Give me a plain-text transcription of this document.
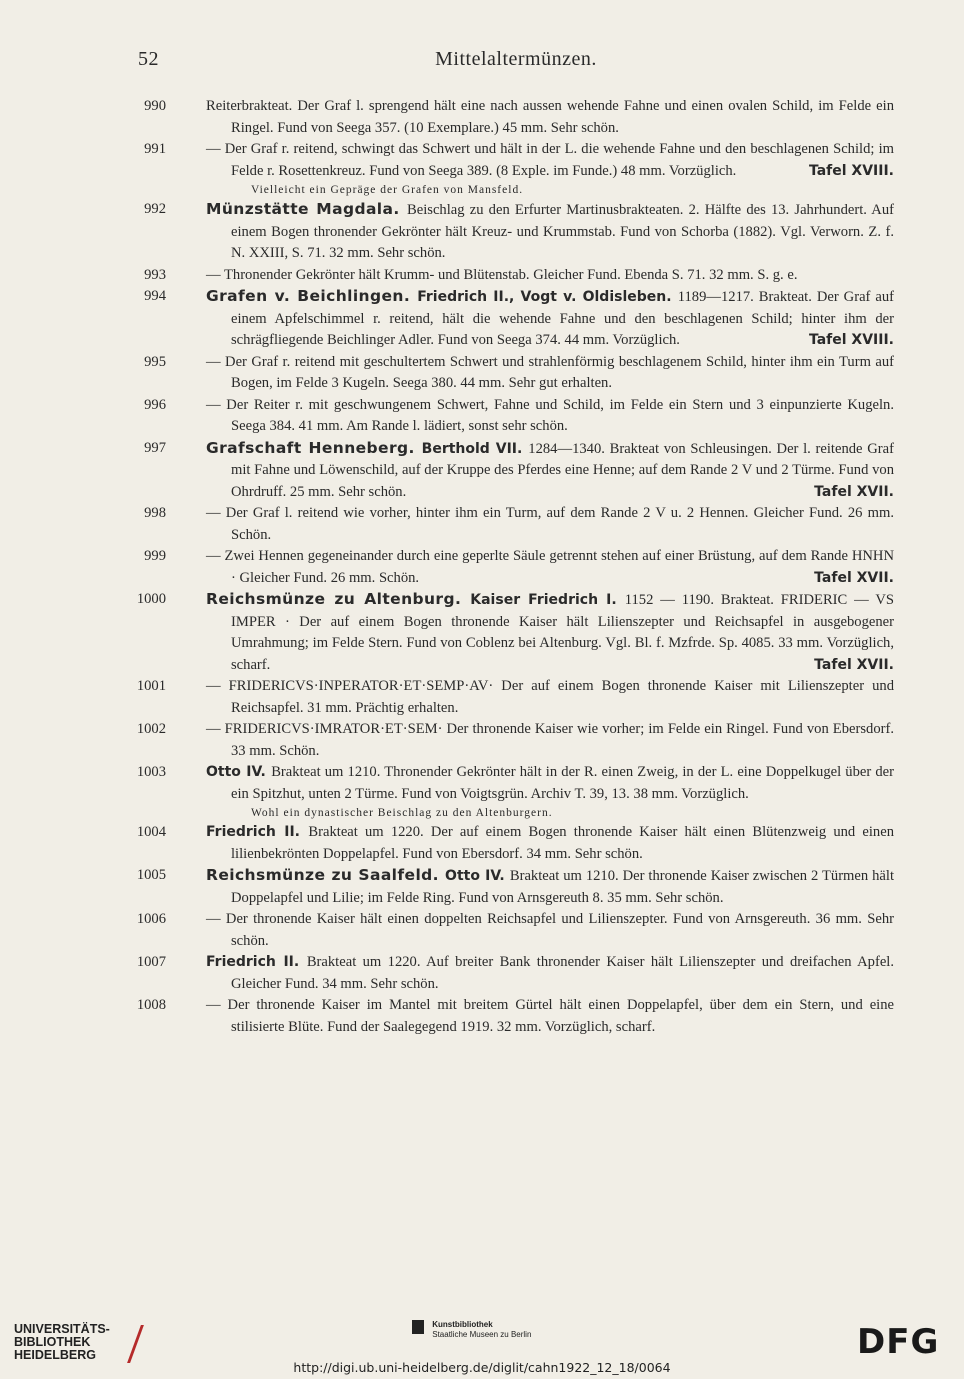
52	Mittelaltermünzen.
990	Reiterbrakteat. Der Graf l. sprengend hält eine nach aussen wehende Fahne und einen ovalen Schild, im Felde ein Ringel. Fund von Seega 357. (10 Exemplare.) 45 mm. Sehr schön.

991	— Der Graf r. reitend, schwingt das Schwert und hält in der L. die wehende Fahne und den beschlagenen Schild; im Felde r. Rosettenkreuz. Fund von Seega 389. (8 Exple. im Funde.) 48 mm. Vorzüglich.	Tafel XVIII.

Vielleicht ein Gepräge der Grafen von Mansfeld.
992	Münzstätte Magdala. Beischlag zu den Erfurter Martinusbrakteaten. 2. Hälfte des 13. Jahrhundert. Auf einem Bogen thronender Gekrönter hält Kreuz- und Krummstab. Fund von Schorba (1882). Vgl. Verworn. Z. f. N. XXIII, S. 71. 32 mm. Sehr schön.

993	— Thronender Gekrönter hält Krumm- und Blütenstab. Gleicher Fund. Ebenda S. 71. 32 mm. S. g. e.

994	Grafen v. Beichlingen. Friedrich II., Vogt v. Oldisleben. 1189—1217. Brakteat. Der Graf auf einem Apfelschimmel r. reitend, hält die wehende Fahne und den beschlagenen Schild; hinter ihm der schrägfliegende Beichlinger Adler. Fund von Seega 374. 44 mm. Vorzüglich.	Tafel XVIII.

995	— Der Graf r. reitend mit geschultertem Schwert und strahlenförmig beschlagenem Schild, hinter ihm ein Turm auf Bogen, im Felde 3 Kugeln. Seega 380. 44 mm. Sehr gut erhalten.

996	— Der Reiter r. mit geschwungenem Schwert, Fahne und Schild, im Felde ein Stern und 3 einpunzierte Kugeln. Seega 384. 41 mm. Am Rande l. lädiert, sonst sehr schön.

997	Grafschaft Henneberg. Berthold VII. 1284—1340. Brakteat von Schleusingen. Der l. reitende Graf mit Fahne und Löwenschild, auf der Kruppe des Pferdes eine Henne; auf dem Rande 2 V und 2 Türme. Fund von Ohrdruff. 25 mm. Sehr schön.	Tafel XVII.

998	— Der Graf l. reitend wie vorher, hinter ihm ein Turm, auf dem Rande 2 V u. 2 Hennen. Gleicher Fund. 26 mm. Schön.

999	— Zwei Hennen gegeneinander durch eine geperlte Säule getrennt stehen auf einer Brüstung, auf dem Rande HNHN · Gleicher Fund. 26 mm. Schön.	Tafel XVII.

1000	Reichsmünze zu Altenburg. Kaiser Friedrich I. 1152 — 1190. Brakteat. FRIDERIC — VS IMPER · Der auf einem Bogen thronende Kaiser hält Lilienszepter und Reichsapfel in ausgebogener Umrahmung; im Felde Stern. Fund von Coblenz bei Altenburg. Vgl. Bl. f. Mzfrde. Sp. 4085. 33 mm. Vorzüglich, scharf.	Tafel XVII.

1001	— FRIDERICVS·INPERATOR·ET·SEMP·AV· Der auf einem Bogen thronende Kaiser mit Lilienszepter und Reichsapfel. 31 mm. Prächtig erhalten.

1002	— FRIDERICVS·IMRATOR·ET·SEM· Der thronende Kaiser wie vorher; im Felde ein Ringel. Fund von Ebersdorf. 33 mm. Schön.

1003	Otto IV. Brakteat um 1210. Thronender Gekrönter hält in der R. einen Zweig, in der L. eine Doppelkugel über der ein Spitzhut, unten 2 Türme. Fund von Voigtsgrün. Archiv T. 39, 13. 38 mm. Vorzüglich.

Wohl ein dynastischer Beischlag zu den Altenburgern.
1004	Friedrich II. Brakteat um 1220. Der auf einem Bogen thronende Kaiser hält einen Blütenzweig und einen lilienbekrönten Doppelapfel. Fund von Ebersdorf. 34 mm. Sehr schön.

1005	Reichsmünze zu Saalfeld. Otto IV. Brakteat um 1210. Der thronende Kaiser zwischen 2 Türmen hält Doppelapfel und Lilie; im Felde Ring. Fund von Arnsgereuth 8. 35 mm. Sehr schön.

1006	— Der thronende Kaiser hält einen doppelten Reichsapfel und Lilienszepter. Fund von Arnsgereuth. 36 mm. Sehr schön.

1007	Friedrich II. Brakteat um 1220. Auf breiter Bank thronender Kaiser hält Lilienszepter und dreifachen Apfel. Gleicher Fund. 34 mm. Sehr schön.

1008	— Der thronende Kaiser im Mantel mit breitem Gürtel hält einen Doppelapfel, über dem ein Stern, und eine stilisierte Blüte. Fund der Saalegegend 1919. 32 mm. Vorzüglich, scharf.

UNIVERSITÄTS-
BIBLIOTHEK
HEIDELBERG

Kunstbibliothek
Staatliche Museen zu Berlin	DFG
http://digi.ub.uni-heidelberg.de/diglit/cahn1922_12_18/0064
